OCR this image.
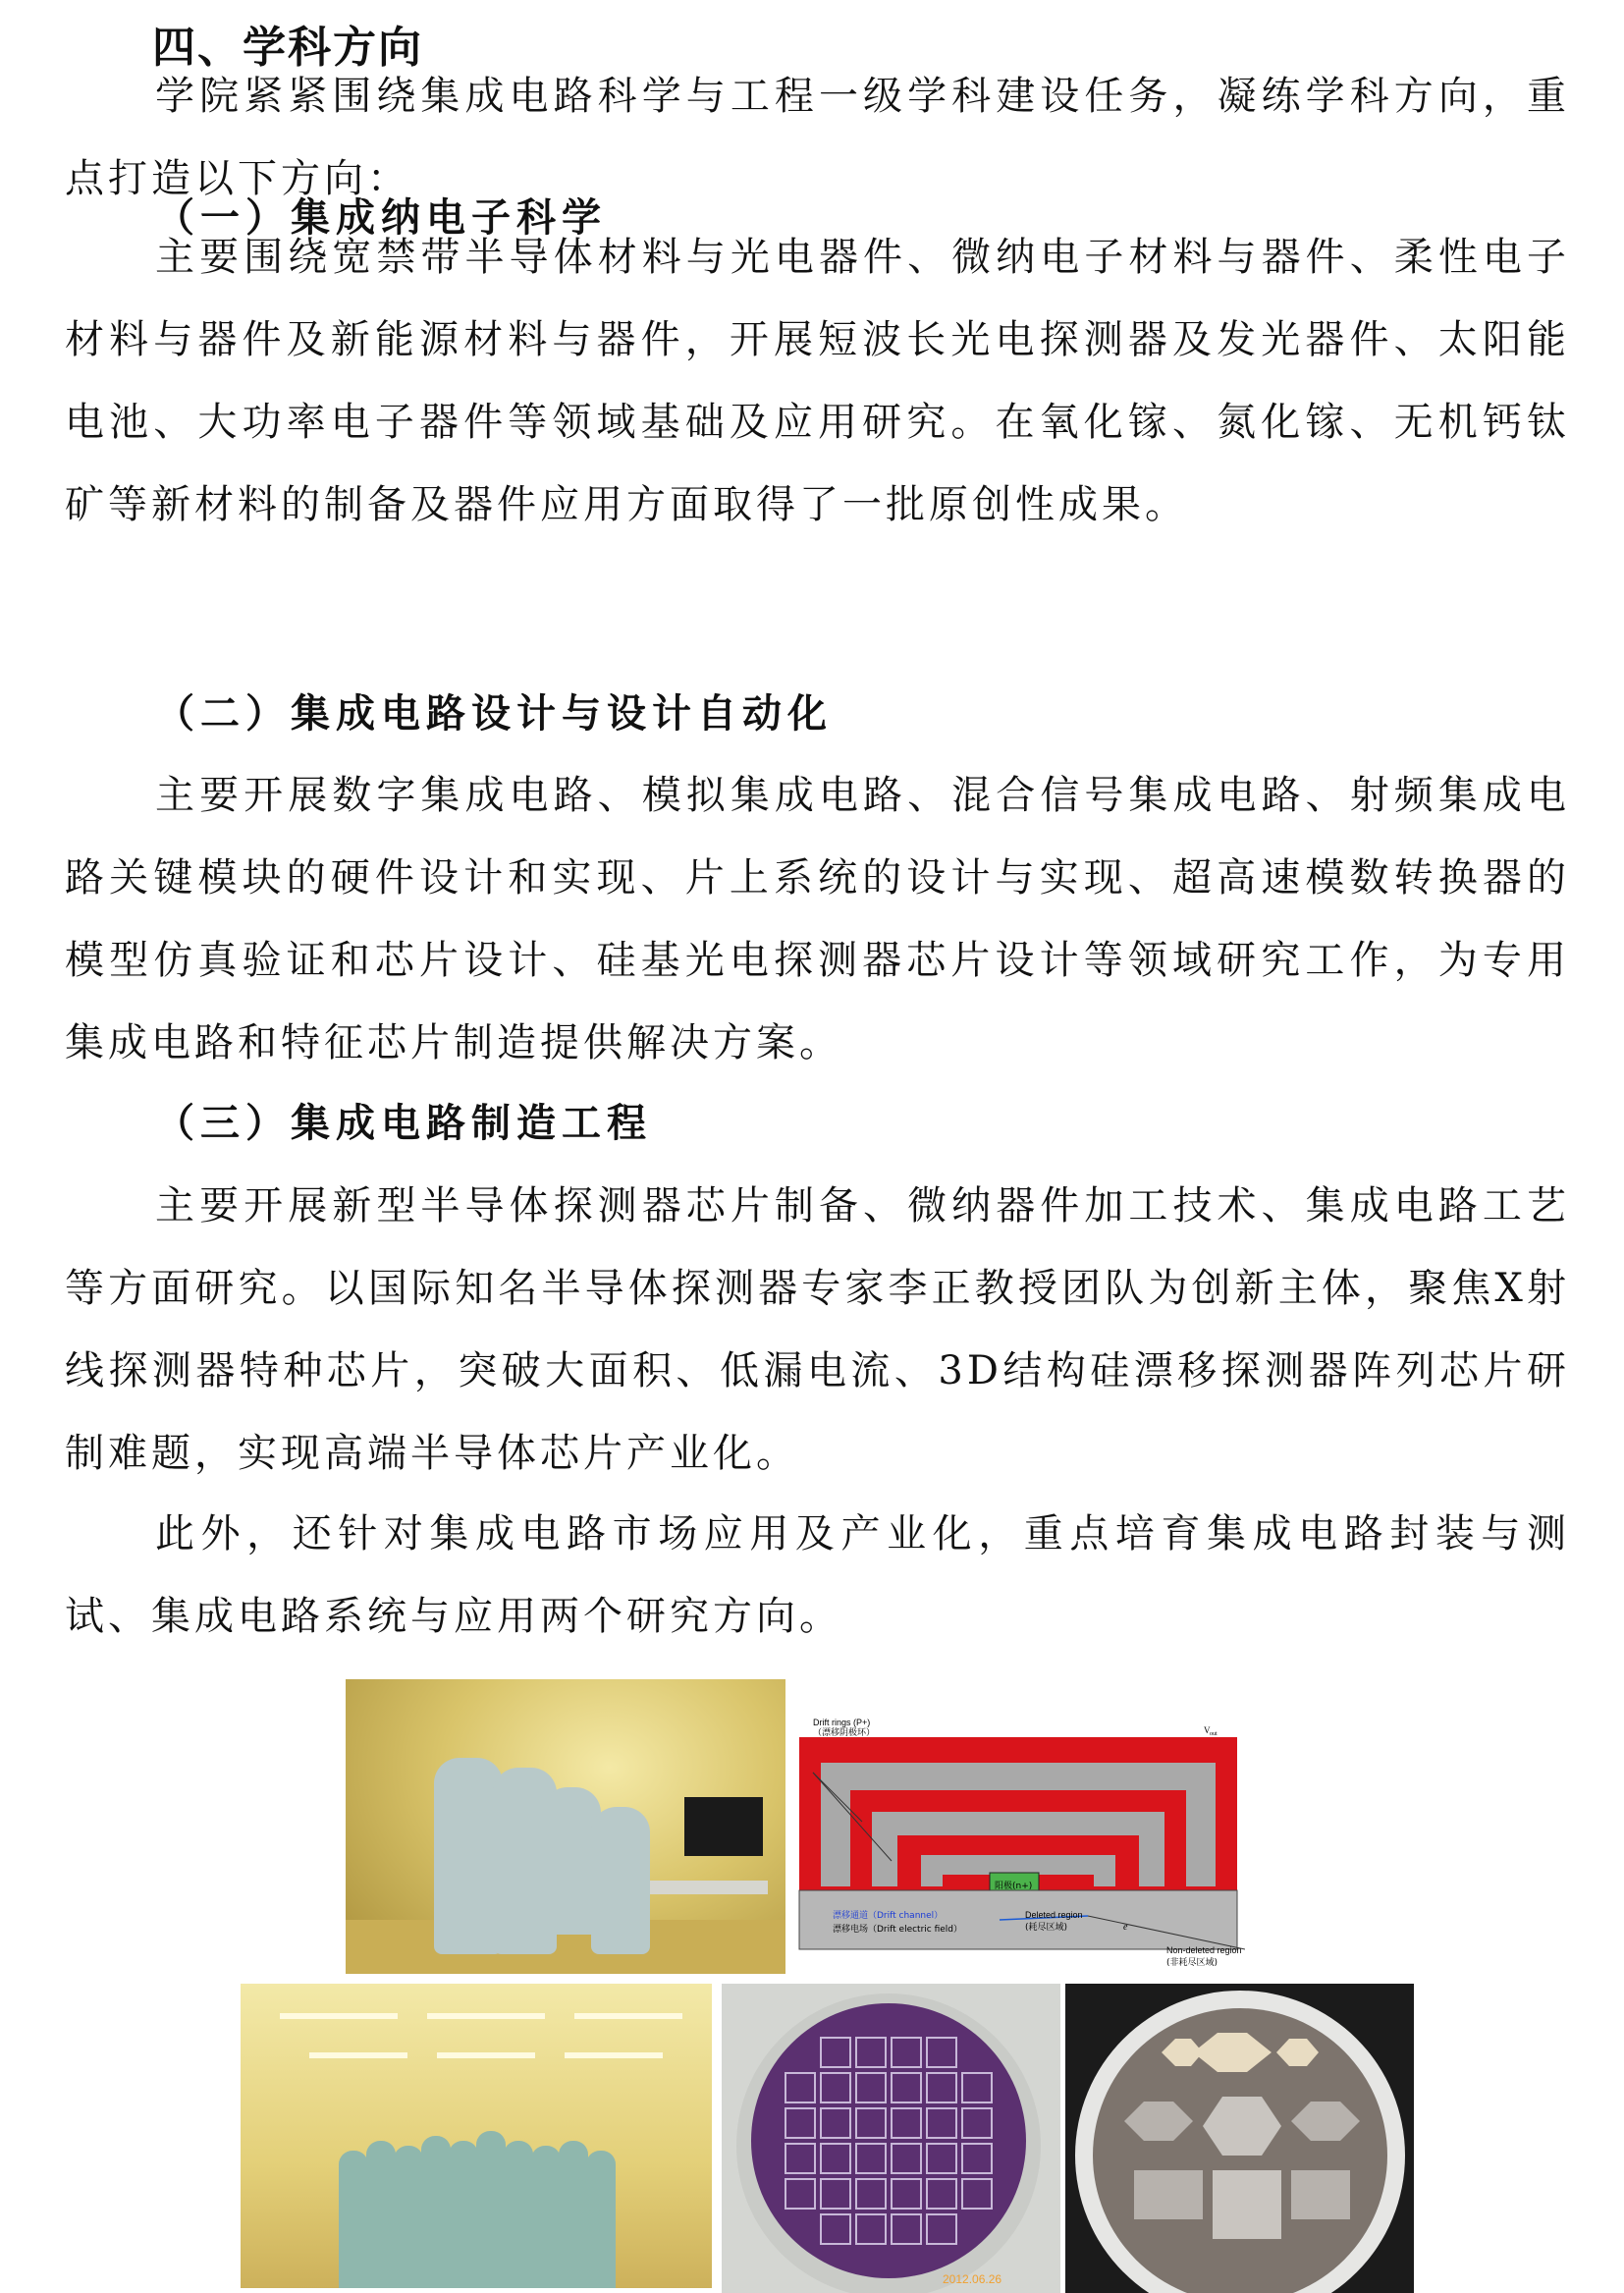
四、学科方向

学院紧紧围绕集成电路科学与工程一级学科建设任务，凝练学科方向，重点打造以下方向：

（一）集成纳电子科学

主要围绕宽禁带半导体材料与光电器件、微纳电子材料与器件、柔性电子材料与器件及新能源材料与器件，开展短波长光电探测器及发光器件、太阳能电池、大功率电子器件等领域基础及应用研究。在氧化镓、氮化镓、无机钙钛矿等新材料的制备及器件应用方面取得了一批原创性成果。

（二）集成电路设计与设计自动化

主要开展数字集成电路、模拟集成电路、混合信号集成电路、射频集成电路关键模块的硬件设计和实现、片上系统的设计与实现、超高速模数转换器的模型仿真验证和芯片设计、硅基光电探测器芯片设计等领域研究工作，为专用集成电路和特征芯片制造提供解决方案。

（三）集成电路制造工程

主要开展新型半导体探测器芯片制备、微纳器件加工技术、集成电路工艺等方面研究。以国际知名半导体探测器专家李正教授团队为创新主体，聚焦X射线探测器特种芯片，突破大面积、低漏电流、3D结构硅漂移探测器阵列芯片研制难题，实现高端半导体芯片产业化。

此外，还针对集成电路市场应用及产业化，重点培育集成电路封装与测试、集成电路系统与应用两个研究方向。

Drift rings (P+)
（漂移阴极环）	V out
阳极(n+)
漂移通道（Drift channel）
漂移电场（Drift electric field）
Deleted region
(耗尽区域)	e
Non-deleted region
(非耗尽区域)
2012.06.26
